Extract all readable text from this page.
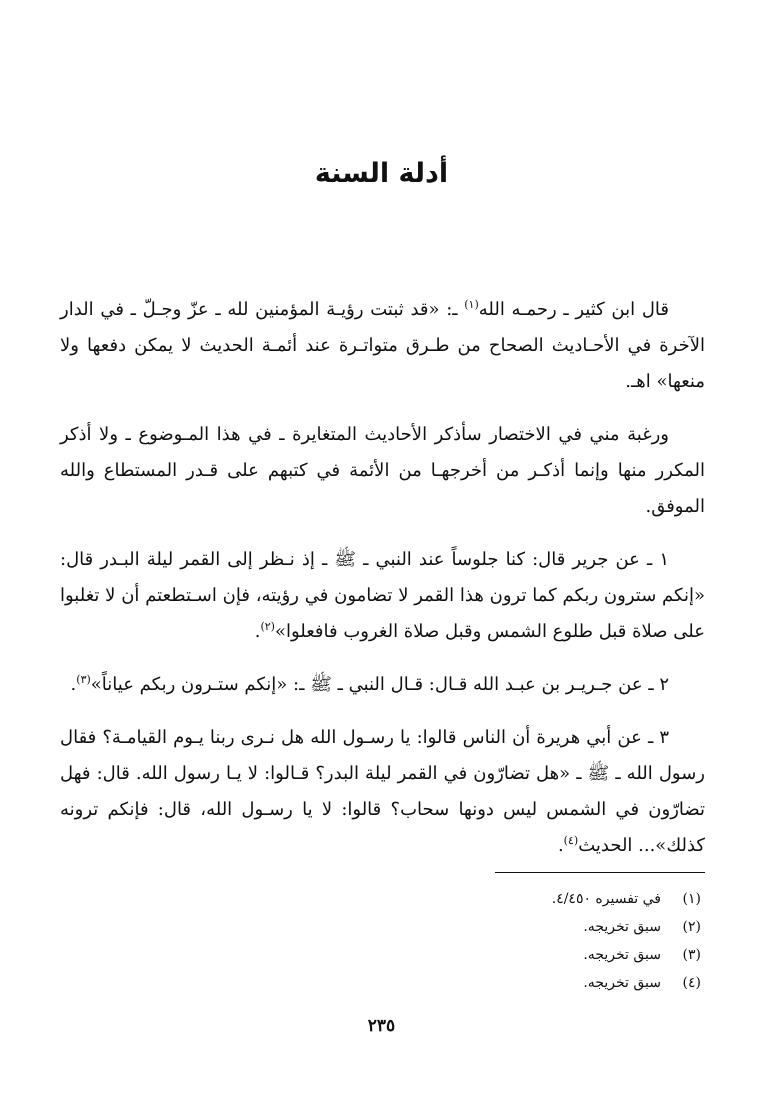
أدلة السنة

قال ابن كثير ـ رحمـه الله$^{(١)}$ ـ: «قد ثبتت رؤيـة المؤمنين لله ـ عزّ وجـلّ ـ في الدار الآخرة في الأحـاديث الصحاح من طـرق متواتـرة عند أئمـة الحديث لا يمكن دفعها ولا منعها» اهـ.

ورغبة مني في الاختصار سأذكر الأحاديث المتغايرة ـ في هذا المـوضوع ـ ولا أذكر المكرر منها وإنما أذكـر من أخرجهـا من الأئمة في كتبهم على قـدر المستطاع والله الموفق.

١ ـ عن جرير قال: كنا جلوساً عند النبي ـ ﷺ ـ إذ نـظر إلى القمر ليلة البـدر قال: «إنكم سترون ربكم كما ترون هذا القمر لا تضامون في رؤيته، فإن اسـتطعتم أن لا تغلبوا على صلاة قبل طلوع الشمس وقبل صلاة الغروب فافعلوا»$^{(٢)}$.

٢ ـ عن جـريـر بن عبـد الله قـال: قـال النبي ـ ﷺ ـ: «إنكم ستـرون ربكم عياناً»$^{(٣)}$.

٣ ـ عن أبي هريرة أن الناس قالوا: يا رسـول الله هل نـرى ربنا يـوم القيامـة؟ فقال رسول الله ـ ﷺ ـ «هل تضارّون في القمر ليلة البدر؟ قـالوا: لا يـا رسول الله. قال: فهل تضارّون في الشمس ليس دونها سحاب؟ قالوا: لا يا رسـول الله، قال: فإنكم ترونه كذلك»... الحديث$^{(٤)}$.

(١)
في تفسيره ٤/٤٥٠.
(٢)
سبق تخريجه.
(٣)
سبق تخريجه.
(٤)
سبق تخريجه.
٢٣٥
